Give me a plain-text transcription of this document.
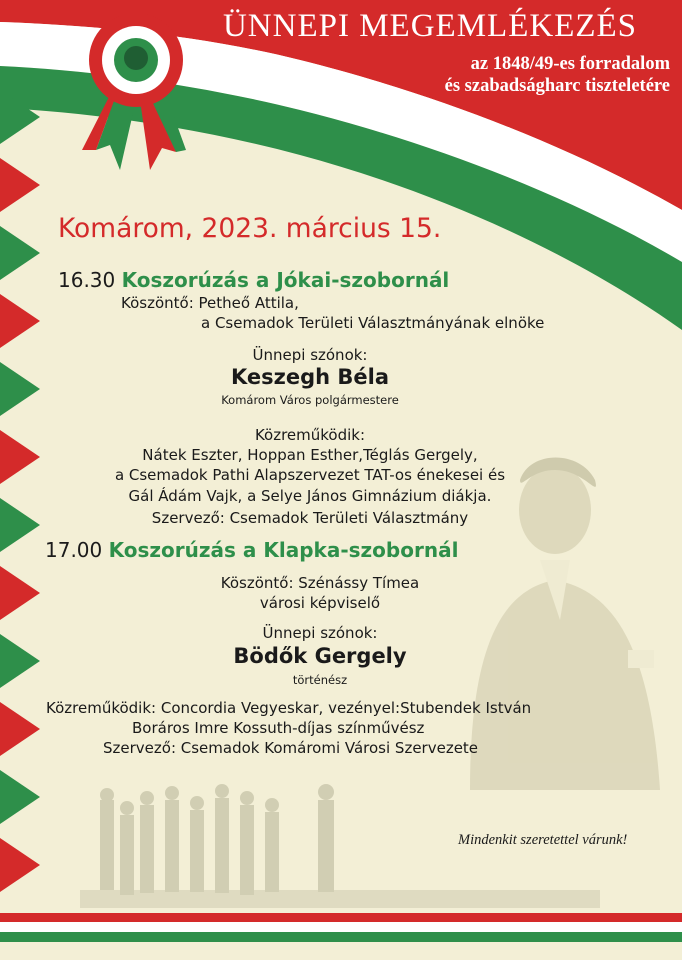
ÜNNEPI MEGEMLÉKEZÉS
az 1848/49-es forradalom
és szabadságharc tiszteletére
Komárom, 2023. március 15.
16.30 Koszorúzás a Jókai-szobornál
Köszöntő: Petheő Attila,
a Csemadok Területi Választmányának elnöke
Ünnepi szónok:
Keszegh Béla
Komárom Város polgármestere
Közreműködik:
Nátek Eszter, Hoppan Esther,Téglás Gergely,
a Csemadok Pathi Alapszervezet TAT-os énekesei és
Gál Ádám Vajk, a Selye János Gimnázium diákja.
Szervező: Csemadok Területi Választmány
17.00 Koszorúzás a Klapka-szobornál
Köszöntő: Szénássy Tímea
városi képviselő
Ünnepi szónok:
Bödők Gergely
történész
Közreműködik: Concordia Vegyeskar, vezényel:Stubendek István
Boráros Imre Kossuth-díjas színművész
Szervező: Csemadok Komáromi Városi Szervezete
Mindenkit szeretettel várunk!
